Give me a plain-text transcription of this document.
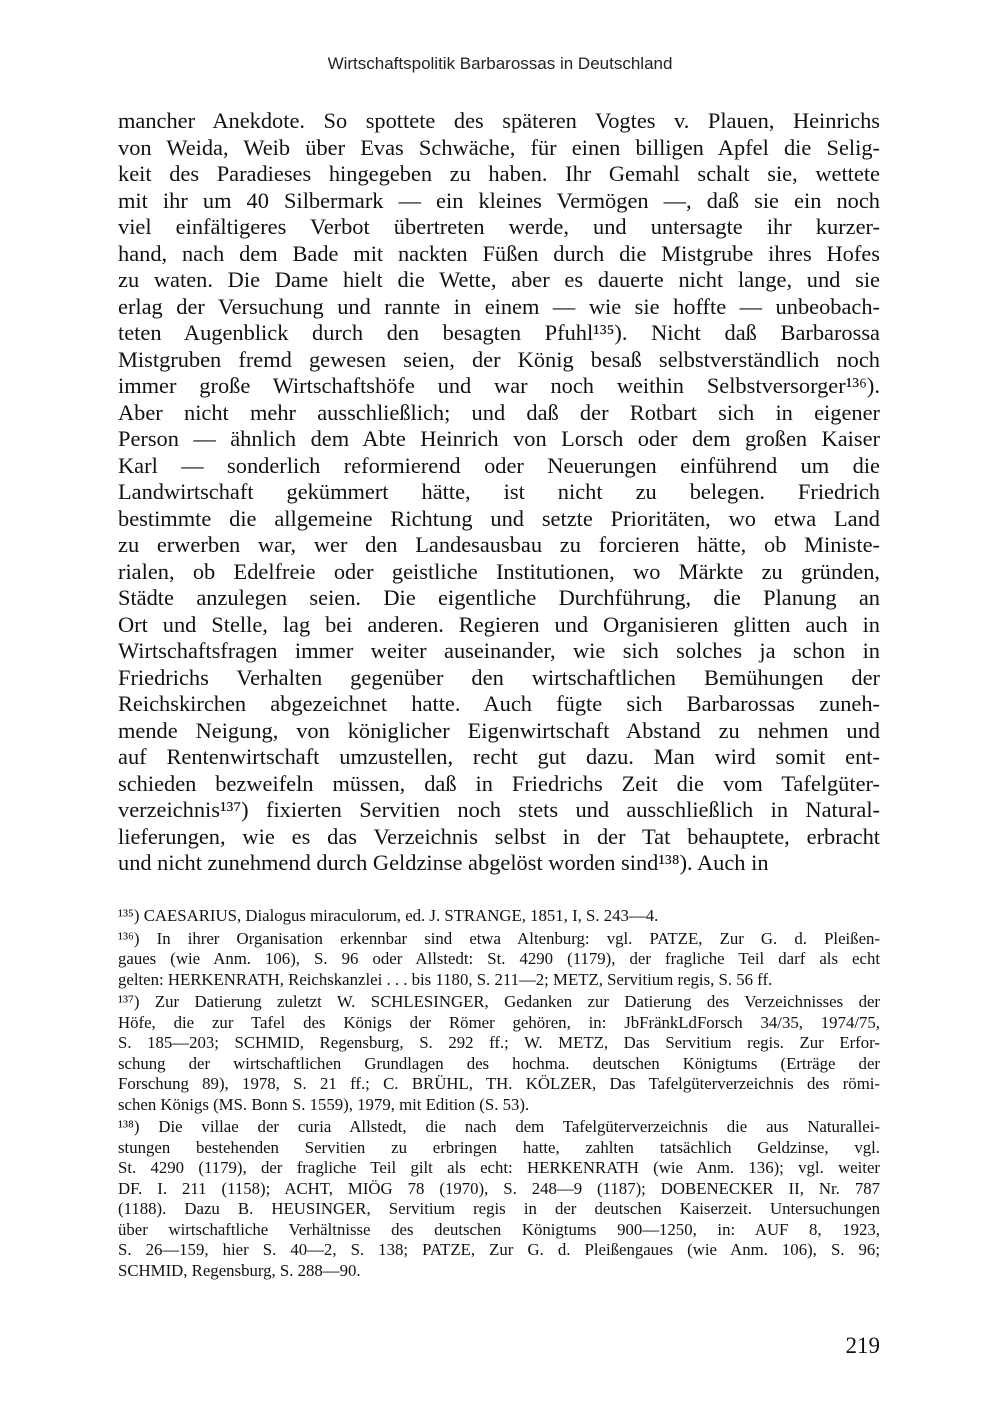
Wirtschaftspolitik Barbarossas in Deutschland
mancher Anekdote. So spottete des späteren Vogtes v. Plauen, Heinrichs
von Weida, Weib über Evas Schwäche, für einen billigen Apfel die Selig-
keit des Paradieses hingegeben zu haben. Ihr Gemahl schalt sie, wettete
mit ihr um 40 Silbermark — ein kleines Vermögen —, daß sie ein noch
viel einfältigeres Verbot übertreten werde, und untersagte ihr kurzer-
hand, nach dem Bade mit nackten Füßen durch die Mistgrube ihres Hofes
zu waten. Die Dame hielt die Wette, aber es dauerte nicht lange, und sie
erlag der Versuchung und rannte in einem — wie sie hoffte — unbeobach-
teten Augenblick durch den besagten Pfuhl¹³⁵). Nicht daß Barbarossa
Mistgruben fremd gewesen seien, der König besaß selbstverständlich noch
immer große Wirtschaftshöfe und war noch weithin Selbstversorger¹³⁶).
Aber nicht mehr ausschließlich; und daß der Rotbart sich in eigener
Person — ähnlich dem Abte Heinrich von Lorsch oder dem großen Kaiser
Karl — sonderlich reformierend oder Neuerungen einführend um die
Landwirtschaft gekümmert hätte, ist nicht zu belegen. Friedrich
bestimmte die allgemeine Richtung und setzte Prioritäten, wo etwa Land
zu erwerben war, wer den Landesausbau zu forcieren hätte, ob Ministe-
rialen, ob Edelfreie oder geistliche Institutionen, wo Märkte zu gründen,
Städte anzulegen seien. Die eigentliche Durchführung, die Planung an
Ort und Stelle, lag bei anderen. Regieren und Organisieren glitten auch in
Wirtschaftsfragen immer weiter auseinander, wie sich solches ja schon in
Friedrichs Verhalten gegenüber den wirtschaftlichen Bemühungen der
Reichskirchen abgezeichnet hatte. Auch fügte sich Barbarossas zuneh-
mende Neigung, von königlicher Eigenwirtschaft Abstand zu nehmen und
auf Rentenwirtschaft umzustellen, recht gut dazu. Man wird somit ent-
schieden bezweifeln müssen, daß in Friedrichs Zeit die vom Tafelgüter-
verzeichnis¹³⁷) fixierten Servitien noch stets und ausschließlich in Natural-
lieferungen, wie es das Verzeichnis selbst in der Tat behauptete, erbracht
und nicht zunehmend durch Geldzinse abgelöst worden sind¹³⁸). Auch in
¹³⁵) CAESARIUS, Dialogus miraculorum, ed. J. STRANGE, 1851, I, S. 243—4.
¹³⁶) In ihrer Organisation erkennbar sind etwa Altenburg: vgl. PATZE, Zur G. d. Pleißen-
gaues (wie Anm. 106), S. 96 oder Allstedt: St. 4290 (1179), der fragliche Teil darf als echt
gelten: HERKENRATH, Reichskanzlei . . . bis 1180, S. 211—2; METZ, Servitium regis, S. 56 ff.
¹³⁷) Zur Datierung zuletzt W. SCHLESINGER, Gedanken zur Datierung des Verzeichnisses der
Höfe, die zur Tafel des Königs der Römer gehören, in: JbFränkLdForsch 34/35, 1974/75,
S. 185—203; SCHMID, Regensburg, S. 292 ff.; W. METZ, Das Servitium regis. Zur Erfor-
schung der wirtschaftlichen Grundlagen des hochma. deutschen Königtums (Erträge der
Forschung 89), 1978, S. 21 ff.; C. BRÜHL, TH. KÖLZER, Das Tafelgüterverzeichnis des römi-
schen Königs (MS. Bonn S. 1559), 1979, mit Edition (S. 53).
¹³⁸) Die villae der curia Allstedt, die nach dem Tafelgüterverzeichnis die aus Naturallei-
stungen bestehenden Servitien zu erbringen hatte, zahlten tatsächlich Geldzinse, vgl.
St. 4290 (1179), der fragliche Teil gilt als echt: HERKENRATH (wie Anm. 136); vgl. weiter
DF. I. 211 (1158); ACHT, MIÖG 78 (1970), S. 248—9 (1187); DOBENECKER II, Nr. 787
(1188). Dazu B. HEUSINGER, Servitium regis in der deutschen Kaiserzeit. Untersuchungen
über wirtschaftliche Verhältnisse des deutschen Königtums 900—1250, in: AUF 8, 1923,
S. 26—159, hier S. 40—2, S. 138; PATZE, Zur G. d. Pleißengaues (wie Anm. 106), S. 96;
SCHMID, Regensburg, S. 288—90.
219
